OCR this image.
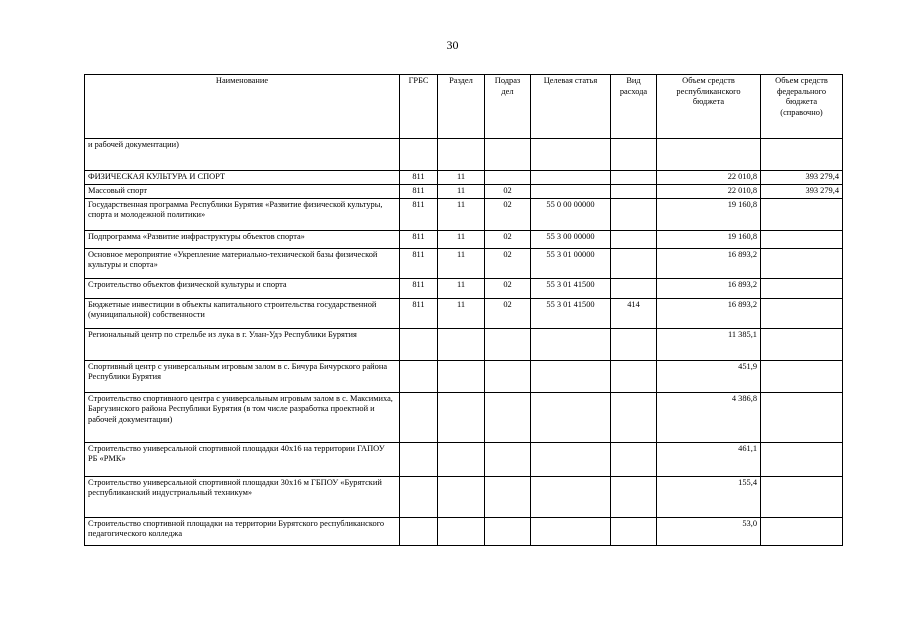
30
Наименование	ГРБС	Раздел	Подраз дел	Целевая статья	Вид расхода	Объем средств республиканского бюджета	Объем средств федерального бюджета (справочно)
и рабочей документации)							
ФИЗИЧЕСКАЯ КУЛЬТУРА И СПОРТ	811	11				22 010,8	393 279,4
Массовый спорт	811	11	02			22 010,8	393 279,4
Государственная программа Республики Бурятия «Развитие физической культуры, спорта и молодежной политики»	811	11	02	55 0 00 00000		19 160,8	
Подпрограмма «Развитие инфраструктуры объектов спорта»	811	11	02	55 3 00 00000		19 160,8	
Основное мероприятие «Укрепление материально-технической базы физической культуры и спорта»	811	11	02	55 3 01 00000		16 893,2	
Строительство объектов физической культуры и спорта	811	11	02	55 3 01 41500		16 893,2	
Бюджетные инвестиции в объекты капитального строительства государственной (муниципальной) собственности	811	11	02	55 3 01 41500	414	16 893,2	
Региональный центр по стрельбе из лука в г. Улан-Удэ Республики Бурятия						11 385,1	
Спортивный центр с универсальным игровым залом в с. Бичура Бичурского района Республики Бурятия						451,9	
Строительство спортивного центра с универсальным игровым залом в с. Максимиха, Баргузинского района Республики Бурятия (в том числе разработка проектной и рабочей документации)						4 386,8	
Строительство универсальной спортивной площадки 40х16 на территории ГАПОУ РБ «РМК»						461,1	
Строительство универсальной спортивной площадки 30х16 м ГБПОУ «Бурятский республиканский индустриальный техникум»						155,4	
Строительство спортивной площадки на территории Бурятского республиканского педагогического колледжа						53,0	
